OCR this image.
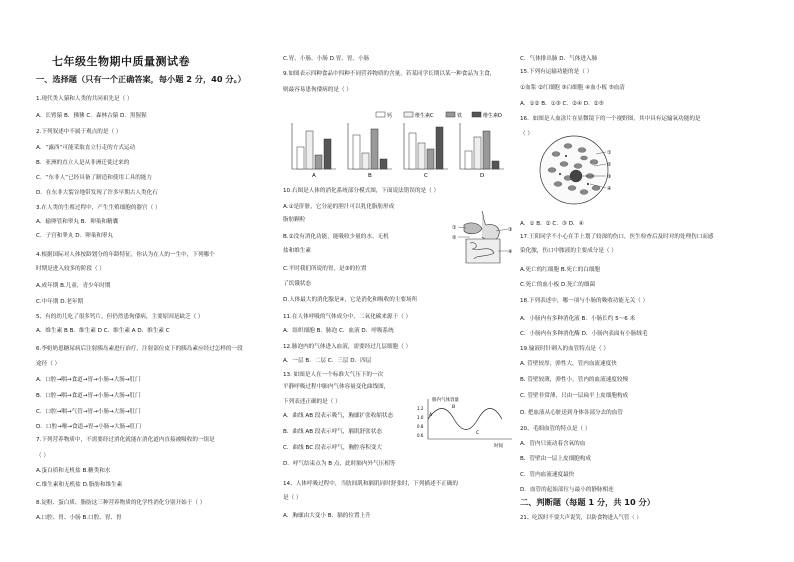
七年级生物期中质量测试卷
一、选择题（只有一个正确答案，每小题 2 分，40 分。）
1.现代类人猿和人类的共同祖先是（ ）
A．长臂猿 B．狒狒 C．森林古猿 D．黑猩猩
2.下列叙述中不属于观点的是（ ）
A．“露西”可能采取直立行走的方式运动
B．亚洲的直立人是从非洲迁徙过来的
C．“东非人”已经具备了制造和使用工具的能力
D．在东非大裂谷地带发现了许多早期古人类化石
3.在人类的生殖过程中，产生生殖细胞的器官（ ）
A．输卵管和睾丸 B．卵巢和精囊
C．子宫和睾丸 D．卵巢和睾丸
4.根据国际对人体按龄划分的年龄特征，你认为在人的一生中，下列哪个
时期是进入较多的阶段（ ）
A.成年期 B.儿童，青少年时期
C.中年期 D.老年期
5、有的幼儿吃了很多钙片，但仍然患佝偻病，主要原因是缺乏（ ）
A．维生素 B B．维生素 D C．维生素 A D．维生素 C
6.李奶奶患糖尿病后注射胰岛素进行治疗，注射部位皮下的胰岛素应经过怎样的一段
途径（ ）
A．口腔→咽→食道→胃→小肠→大肠→肛门
B．口腔→咽→食道→胃→小肠→大肠→肛门
C．口腔→咽→气管→胃→小肠→大肠→肛门
D．口腔→喉→食道→胃→小肠→大肠→肛门
7.下列营养物质中，不需要经过消化就能在消化道内直接被吸收的一组是
（ ）
A.蛋白质和无机盐 B.糖类和水
C.维生素和无机盐 D.脂肪和维生素
8.淀粉、蛋白质、脂肪这三种营养物质的化学性消化分别开始于（ ）
A.口腔、胃、小肠 B.口腔、胃、胃
C.胃、小肠、小肠 D.胃、胃、小肠
9.如图表示四种食品中四种不同营养物质的含量，若某同学长期以某一种食品为主食，
则最容易患佝偻病的是（ ）
10.右图是人体的消化系统部分模式图，下面说法错误的是（ ）
A.①是肝脏，它分泌的胆汁可以乳化脂肪形成
脂肪颗粒
B.②没有消化功能，能吸收少量的水、无机
盐和维生素
C.平时我们所说的胃，是③的位置
了饥饿状态
D.人体最大的消化腺是④，它是消化和吸收的主要场所
11.在人体呼吸的气体成分中，二氧化碳来源于（ ）
A．组织细胞 B．肺泡 C．血液 D．呼吸系统
12.肺泡内的气体进入血液，需要经过几层细胞（ ）
A．一层 B．二层 C．三层 D．四层
13. 如图是人在一个标准大气压下的一次
平静呼吸过程中肺内气体容量变化曲线图，
下列表述正确的是（ ）
A．曲线 AB 段表示吸气，胸廓扩张收缩状态
B．曲线 AB 段表示呼气，膈肌舒张状态
C．曲线 BC 段表示呼气，胸腔容积变大
D．呼气结束点为 B 点，此时肺内外气压相等
14、人体呼吸过程中，当肋间肌和膈肌同时舒张时，下列描述不正确的
是（ ）
A．胸廓由大变小 B．膈的位置上升
C．气体排出肺 D．气体进入肺
15.下列有运输功能的是（ ）
①血浆 ②红细胞 ③白细胞 ④血小板 ⑤血清
A．①② B．①③ C．②④ D．②⑤
16．如图是人血涂片在显微镜下的一个视野图，其中具有运输氧功能的是
（ ）
A．① B．② C．③ D．④
17.王阳同学不小心在手上划了较深的伤口，医生检查后及时对的处理伤口而感
染化脓，伤口中脓液的主要成分是（ ）
A.死亡的红细胞 B.死亡的白细胞
C.死亡的血小板 D.死亡的细菌
18.下列表述中，哪一项与小肠的吸收功能无关（ ）
A．小肠内有多种消化液 B．小肠长约 5～6 米
C．小肠内有多种消化酶 D．小肠内表面有小肠绒毛
19.输液时针刺入的血管特点是（ ）
A. 管壁较厚，弹性大，管内血流速度快
B. 管壁较薄，弹性小，管内的血液速度较慢
C. 管壁非常薄，只由一层扁平上皮细胞构成
D. 把血液从心脏送到身体各部分去的血管
20、毛细血管的特点是（ ）
A．管内只流动着含氧的血
B．管壁由一层上皮细胞构成
C．管内血流速度最快
D．血管的起始部位与最小的静脉相连
二、判断题（每题 1 分，共 10 分）
21、吃饭时不要大声说笑，以防食物进入气管（ ）
钙	维生素C	铁	维生素D
A	B	C	D
①
②
③
④
肺内气体容量
时间
1.2
1.0
0.8
0.6
A
B
C
①
②
③
④
